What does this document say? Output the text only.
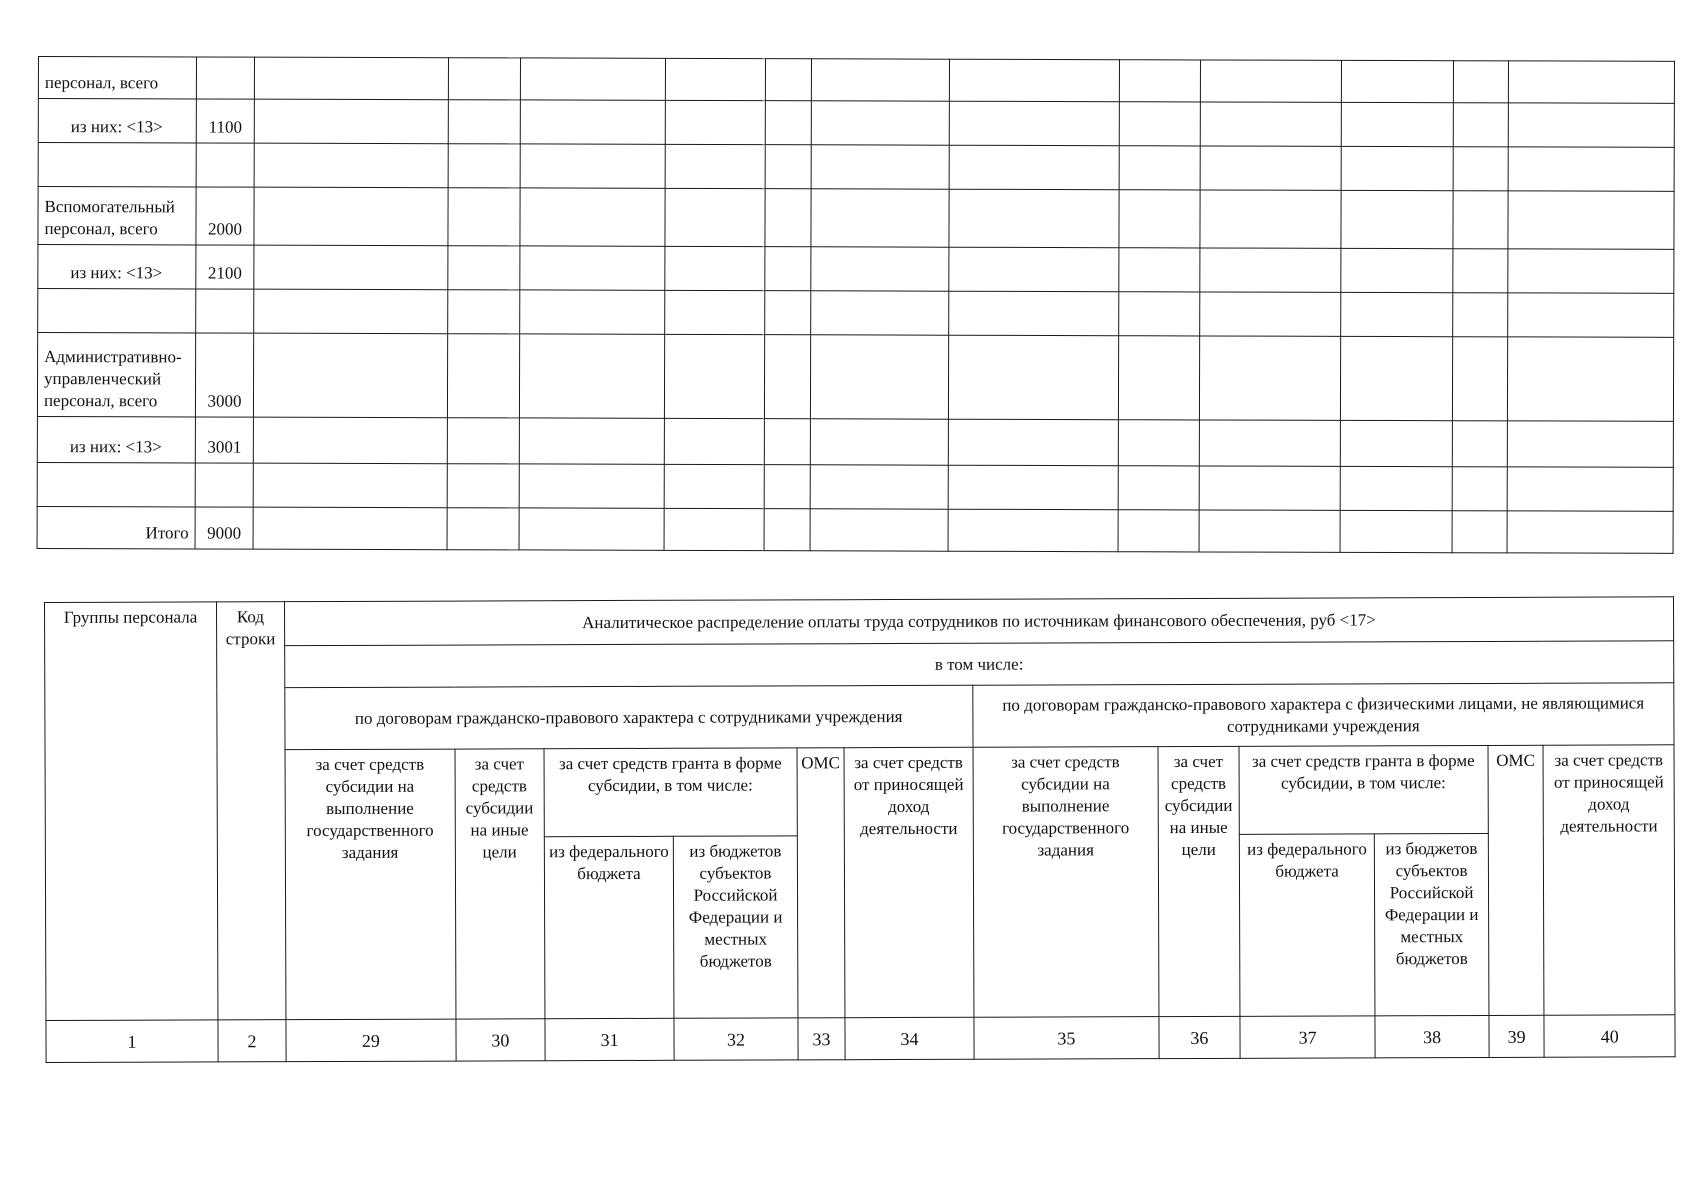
персонал, всего													
из них: <13>	1100												

Вспомогательный персонал, всего	2000												
из них: <13>	2100												

Административно-управленческий персонал, всего	3000												
из них: <13>	3001												

Итого	9000												
Группы персонала	Код строки	Аналитическое распределение оплаты труда сотрудников по источникам финансового обеспечения, руб <17>											
		в том числе:											
		по договорам гражданско-правового характера с сотрудниками учреждения						по договорам гражданско-правового характера с физическими лицами, не являющимися сотрудниками учреждения					
		за счет средств субсидии на выполнение государственного задания	за счет средств субсидии на иные цели	за счет средств гранта в форме субсидии, в том числе:		ОМС	за счет средств от приносящей доход деятельности	за счет средств субсидии на выполнение государственного задания	за счет средств субсидии на иные цели	за счет средств гранта в форме субсидии, в том числе:		ОМС	за счет средств от приносящей доход деятельности
				из федерального бюджета	из бюджетов субъектов Российской Федерации и местных бюджетов					из федерального бюджета	из бюджетов субъектов Российской Федерации и местных бюджетов		
1	2	29	30	31	32	33	34	35	36	37	38	39	40
